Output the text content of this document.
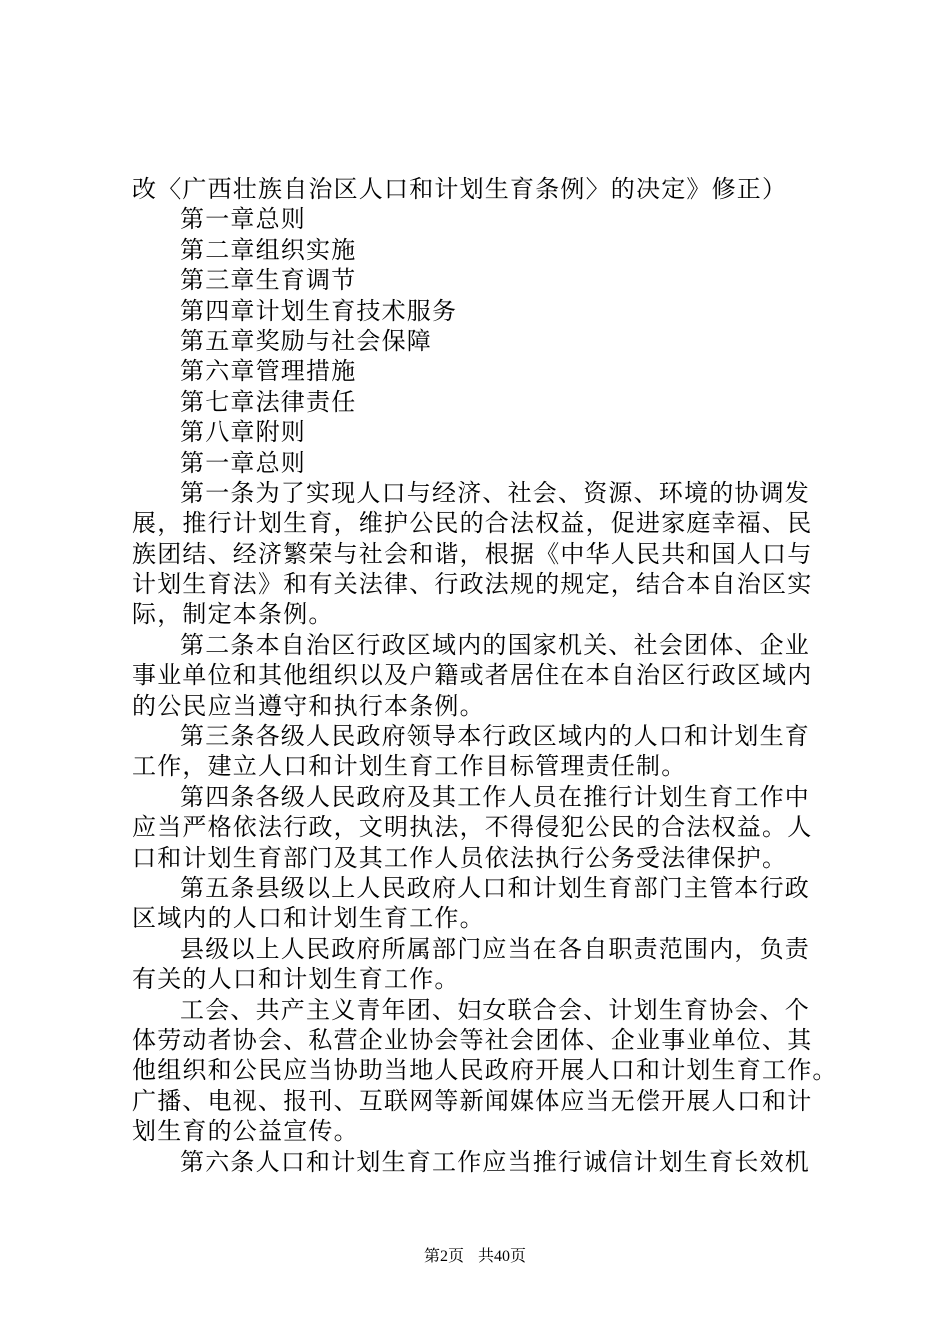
改〈广西壮族自治区人口和计划生育条例〉的决定》修正）
第一章总则
第二章组织实施
第三章生育调节
第四章计划生育技术服务
第五章奖励与社会保障
第六章管理措施
第七章法律责任
第八章附则
第一章总则
第一条为了实现人口与经济、社会、资源、环境的协调发
展，推行计划生育，维护公民的合法权益，促进家庭幸福、民
族团结、经济繁荣与社会和谐，根据《中华人民共和国人口与
计划生育法》和有关法律、行政法规的规定，结合本自治区实
际，制定本条例。
第二条本自治区行政区域内的国家机关、社会团体、企业
事业单位和其他组织以及户籍或者居住在本自治区行政区域内
的公民应当遵守和执行本条例。
第三条各级人民政府领导本行政区域内的人口和计划生育
工作，建立人口和计划生育工作目标管理责任制。
第四条各级人民政府及其工作人员在推行计划生育工作中
应当严格依法行政，文明执法，不得侵犯公民的合法权益。人
口和计划生育部门及其工作人员依法执行公务受法律保护。
第五条县级以上人民政府人口和计划生育部门主管本行政
区域内的人口和计划生育工作。
县级以上人民政府所属部门应当在各自职责范围内，负责
有关的人口和计划生育工作。
工会、共产主义青年团、妇女联合会、计划生育协会、个
体劳动者协会、私营企业协会等社会团体、企业事业单位、其
他组织和公民应当协助当地人民政府开展人口和计划生育工作。
广播、电视、报刊、互联网等新闻媒体应当无偿开展人口和计
划生育的公益宣传。
第六条人口和计划生育工作应当推行诚信计划生育长效机
第2页 共40页
